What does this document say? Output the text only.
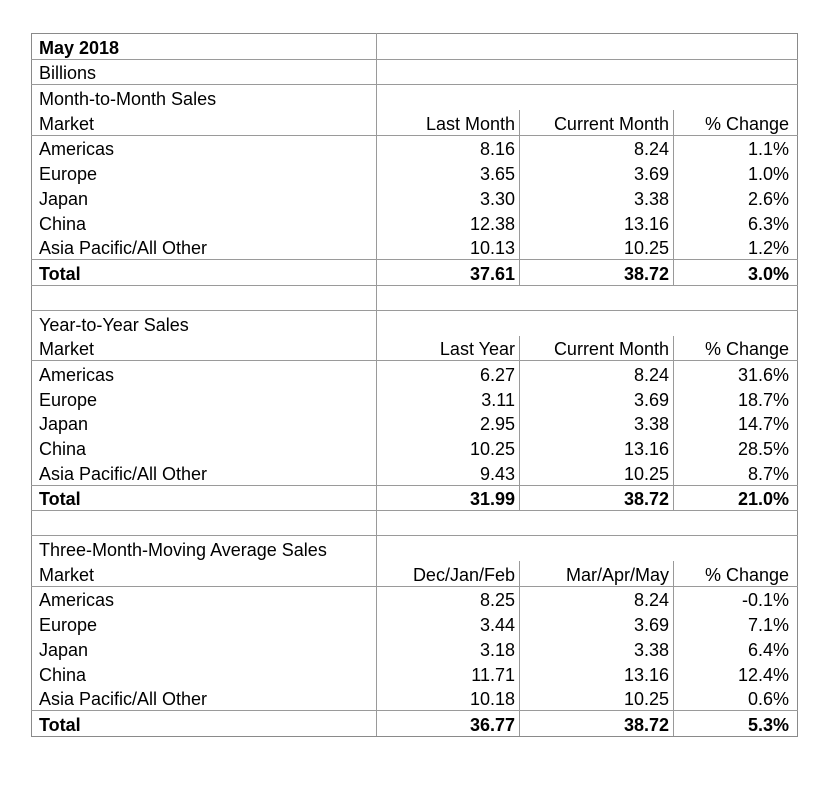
May 2018			
Billions			
Month-to-Month Sales			
Market	Last Month	Current Month	% Change
Americas	8.16	8.24	1.1%
Europe	3.65	3.69	1.0%
Japan	3.30	3.38	2.6%
China	12.38	13.16	6.3%
Asia Pacific/All Other	10.13	10.25	1.2%
Total	37.61	38.72	3.0%

Year-to-Year Sales			
Market	Last Year	Current Month	% Change
Americas	6.27	8.24	31.6%
Europe	3.11	3.69	18.7%
Japan	2.95	3.38	14.7%
China	10.25	13.16	28.5%
Asia Pacific/All Other	9.43	10.25	8.7%
Total	31.99	38.72	21.0%

Three-Month-Moving Average Sales			
Market	Dec/Jan/Feb	Mar/Apr/May	% Change
Americas	8.25	8.24	-0.1%
Europe	3.44	3.69	7.1%
Japan	3.18	3.38	6.4%
China	11.71	13.16	12.4%
Asia Pacific/All Other	10.18	10.25	0.6%
Total	36.77	38.72	5.3%
